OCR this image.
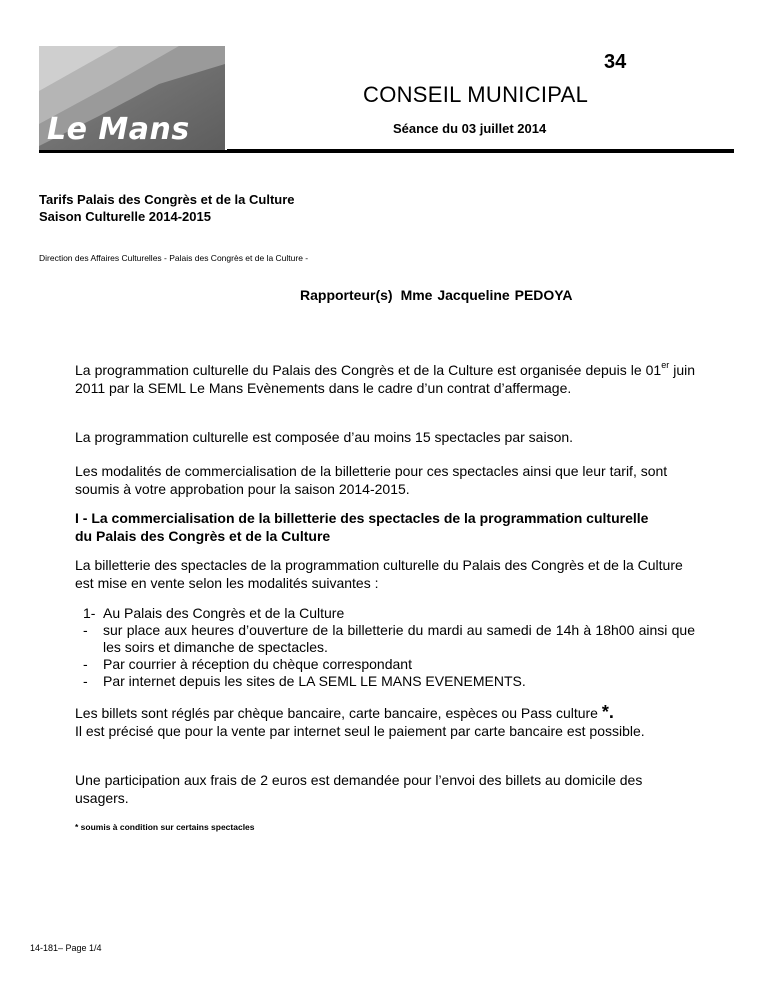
Le Mans
34
CONSEIL MUNICIPAL
Séance du 03 juillet 2014
Tarifs Palais des Congrès et de la Culture
Saison Culturelle 2014-2015
Direction des Affaires Culturelles - Palais des Congrès et de la Culture -
Rapporteur(s) Mme Jacqueline PEDOYA
La programmation culturelle du Palais des Congrès et de la Culture est organisée depuis le 01er juin 2011 par la SEML Le Mans Evènements dans le cadre d’un contrat d’affermage.
La programmation culturelle est composée d’au moins 15 spectacles par saison.
Les modalités de commercialisation de la billetterie pour ces spectacles ainsi que leur tarif, sont soumis à votre approbation pour la saison 2014-2015.
I - La commercialisation de la billetterie des spectacles de la programmation culturelle du Palais des Congrès et de la Culture
La billetterie des spectacles de la programmation culturelle du Palais des Congrès et de la Culture est mise en vente selon les modalités suivantes :
1- Au Palais des Congrès et de la Culture
-	sur place aux heures d’ouverture de la billetterie du mardi au samedi de 14h à 18h00 ainsi que les soirs et dimanche de spectacles.
-	Par courrier à réception du chèque correspondant
-	Par internet depuis les sites de LA SEML LE MANS EVENEMENTS.
Les billets sont réglés par chèque bancaire, carte bancaire, espèces ou Pass culture *.
Il est précisé que pour la vente par internet seul le paiement par carte bancaire est possible.
Une participation aux frais de 2 euros est demandée pour l’envoi des billets au domicile des usagers.
* soumis à condition sur certains spectacles
14-181– Page 1/4
